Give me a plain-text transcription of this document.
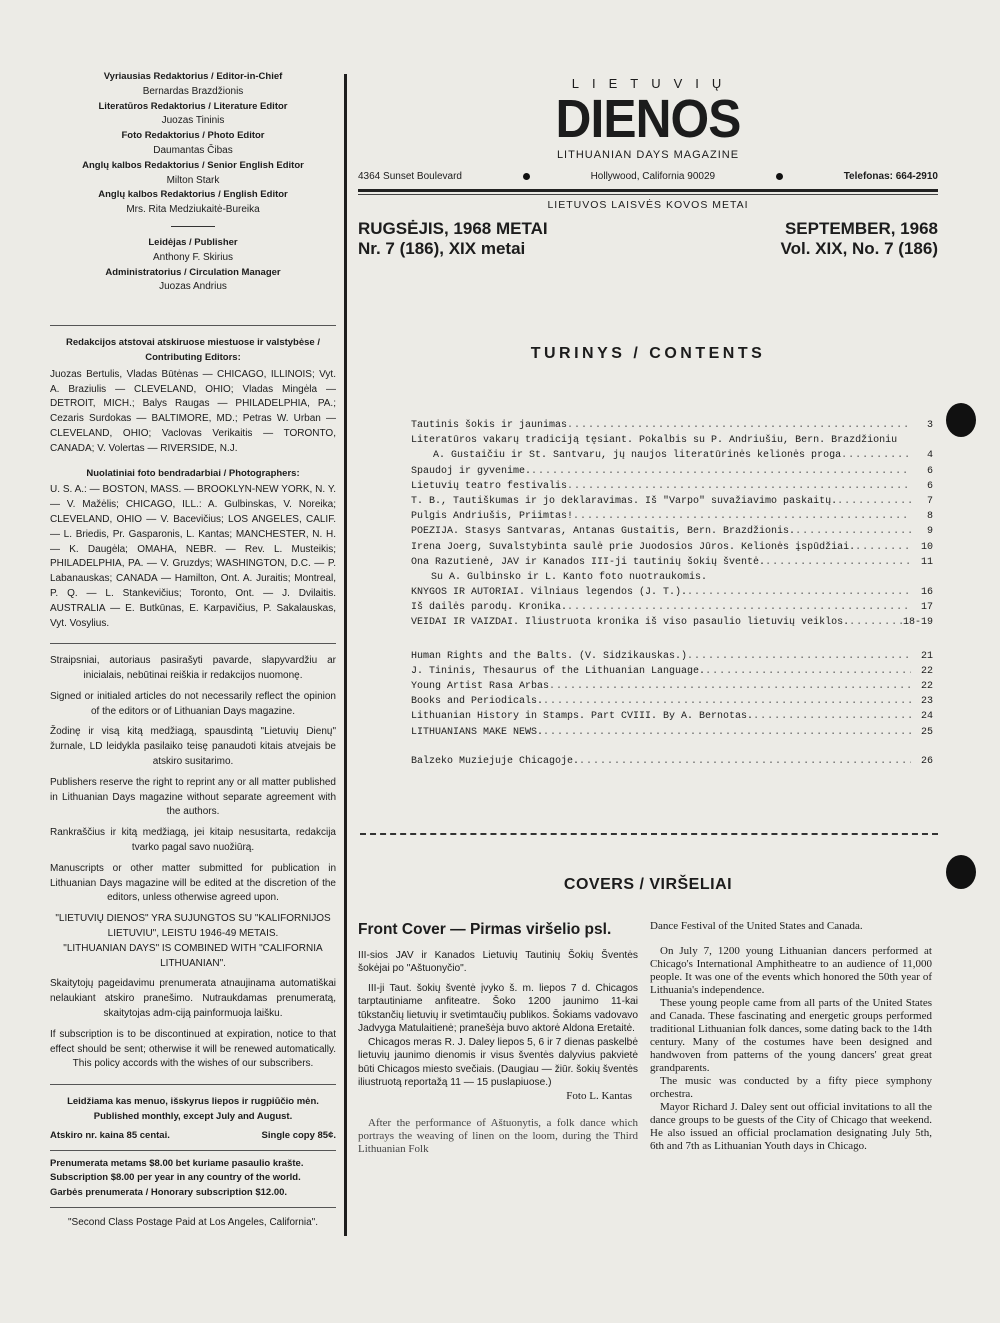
Vyriausias Redaktorius / Editor-in-Chief
Bernardas Brazdžionis
Literatūros Redaktorius / Literature Editor
Juozas Tininis
Foto Redaktorius / Photo Editor
Daumantas Čibas
Anglų kalbos Redaktorius / Senior English Editor
Milton Stark
Anglų kalbos Redaktorius / English Editor
Mrs. Rita Medziukaitė-Bureika
Leidėjas / Publisher
Anthony F. Skirius
Administratorius / Circulation Manager
Juozas Andrius
Redakcijos atstovai atskiruose miestuose ir valstybėse / Contributing Editors:
Juozas Bertulis, Vladas Būtėnas — CHICAGO, ILLINOIS; Vyt. A. Braziulis — CLEVELAND, OHIO; Vladas Mingėla — DETROIT, MICH.; Balys Raugas — PHILADELPHIA, PA.; Cezaris Surdokas — BALTIMORE, MD.; Petras W. Urban — CLEVELAND, OHIO; Vaclovas Verikaitis — TORONTO, CANADA; V. Volertas — RIVERSIDE, N.J.
Nuolatiniai foto bendradarbiai / Photographers:
U. S. A.: — BOSTON, MASS. — BROOKLYN-NEW YORK, N. Y. — V. Mažėlis; CHICAGO, ILL.: A. Gulbinskas, V. Noreika; CLEVELAND, OHIO — V. Bacevičius; LOS ANGELES, CALIF. — L. Briedis, Pr. Gasparonis, L. Kantas; MANCHESTER, N. H. — K. Daugėla; OMAHA, NEBR. — Rev. L. Musteikis; PHILADELPHIA, PA. — V. Gruzdys; WASHINGTON, D.C. — P. Labanauskas; CANADA — Hamilton, Ont. A. Juraitis; Montreal, P. Q. — L. Stankevičius; Toronto, Ont. — J. Dvilaitis. AUSTRALIA — E. Butkūnas, E. Karpavičius, P. Sakalauskas, Vyt. Vosylius.
Straipsniai, autoriaus pasirašyti pavarde, slapyvardžiu ar inicialais, nebūtinai reiškia ir redakcijos nuomonę.
Signed or initialed articles do not necessarily reflect the opinion of the editors or of Lithuanian Days magazine.
Žodinę ir visą kitą medžiagą, spausdintą "Lietuvių Dienų" žurnale, LD leidykla pasilaiko teisę panaudoti kitais atvejais be atskiro susitarimo.
Publishers reserve the right to reprint any or all matter published in Lithuanian Days magazine without separate agreement with the authors.
Rankraščius ir kitą medžiagą, jei kitaip nesusitarta, redakcija tvarko pagal savo nuožiūrą.
Manuscripts or other matter submitted for publication in Lithuanian Days magazine will be edited at the discretion of the editors, unless otherwise agreed upon.
"LIETUVIŲ DIENOS" YRA SUJUNGTOS SU "KALIFORNIJOS LIETUVIU", LEISTU 1946-49 METAIS.
"LITHUANIAN DAYS" IS COMBINED WITH "CALIFORNIA LITHUANIAN".
Skaitytojų pageidavimu prenumerata atnaujinama automatiškai nelaukiant atskiro pranešimo. Nutraukdamas prenumeratą, skaitytojas adm-ciją painformuoja laišku.
If subscription is to be discontinued at expiration, notice to that effect should be sent; otherwise it will be renewed automatically. This policy accords with the wishes of our subscribers.
Leidžiama kas menuo, išskyrus liepos ir rugpiūčio mėn.
Published monthly, except July and August.
Atskiro nr. kaina 85 centai.	Single copy 85¢.
Prenumerata metams $8.00 bet kuriame pasaulio krašte.
Subscription $8.00 per year in any country of the world.
Garbės prenumerata / Honorary subscription $12.00.
"Second Class Postage Paid at Los Angeles, California".
LIETUVIŲ
DIENOS
LITHUANIAN DAYS MAGAZINE
4364 Sunset Boulevard	Hollywood, California 90029	Telefonas: 664-2910
LIETUVOS LAISVĖS KOVOS METAI
RUGSĖJIS, 1968 METAI
Nr. 7 (186), XIX metai
SEPTEMBER, 1968
Vol. XIX, No. 7 (186)
TURINYS / CONTENTS
Tautinis šokis ir jaunimas .....	3
Literatūros vakarų tradiciją tęsiant. Pokalbis su P. Andriušiu, Bern. Brazdžioniu
A. Gustaičiu ir St. Santvaru, jų naujos literatūrinės kelionės proga .....	4
Spaudoj ir gyvenime. .....	6
Lietuvių teatro festivalis .....	6
T. B., Tautiškumas ir jo deklaravimas. Iš "Varpo" suvažiavimo paskaitų. .....	7
Pulgis Andriušis, Priimtas! .....	8
POEZIJA. Stasys Santvaras, Antanas Gustaitis, Bern. Brazdžionis. .....	9
Irena Joerg, Suvalstybinta saulė prie Juodosios Jūros. Kelionės įspūdžiai. .....	10
Ona Razutienė, JAV ir Kanados III-ji tautinių šokių šventė. .....	11
Su A. Gulbinsko ir L. Kanto foto nuotraukomis.
KNYGOS IR AUTORIAI. Vilniaus legendos (J. T.). .....	16
Iš dailės parodų. Kronika. .....	17
VEIDAI IR VAIZDAI. Iliustruota kronika iš viso pasaulio lietuvių veiklos. .....	18-19
Human Rights and the Balts. (V. Sidzikauskas.) .....	21
J. Tininis, Thesaurus of the Lithuanian Language. .....	22
Young Artist Rasa Arbas .....	22
Books and Periodicals. .....	23
Lithuanian History in Stamps. Part CVIII. By A. Bernotas. .....	24
LITHUANIANS MAKE NEWS. .....	25
Balzeko Muziejuje Chicagoje. .....	26
COVERS / VIRŠELIAI
Front Cover — Pirmas viršelio psl.
III-sios JAV ir Kanados Lietuvių Tautinių Šokių Šventės šokėjai po "Aštuonyčio".
III-ji Taut. šokių šventė įvyko š. m. liepos 7 d. Chicagos tarptautiniame anfiteatre. Šoko 1200 jaunimo 11-kai tūkstančių lietuvių ir svetimtaučių publikos. Šokiams vadovavo Jadvyga Matulaitienė; pranešėja buvo aktorė Aldona Eretaitė.
Chicagos meras R. J. Daley liepos 5, 6 ir 7 dienas paskelbė lietuvių jaunimo dienomis ir visus šventės dalyvius pakvietė būti Chicagos miesto svečiais. (Daugiau — žiūr. šokių šventės iliustruotą reportažą 11 — 15 puslapiuose.)
Foto L. Kantas
After the performance of Aštuonytis, a folk dance which portrays the weaving of linen on the loom, during the Third Lithuanian Folk
Dance Festival of the United States and Canada.
On July 7, 1200 young Lithuanian dancers performed at Chicago's International Amphitheatre to an audience of 11,000 people. It was one of the events which honored the 50th year of Lithuania's independence.
These young people came from all parts of the United States and Canada. These fascinating and energetic groups performed traditional Lithuanian folk dances, some dating back to the 14th century. Many of the costumes have been designed and handwoven from patterns of the young dancers' great great grandparents.
The music was conducted by a fifty piece symphony orchestra.
Mayor Richard J. Daley sent out official invitations to all the dance groups to be guests of the City of Chicago that weekend. He also issued an official proclamation designating July 5th, 6th and 7th as Lithuanian Youth days in Chicago.
